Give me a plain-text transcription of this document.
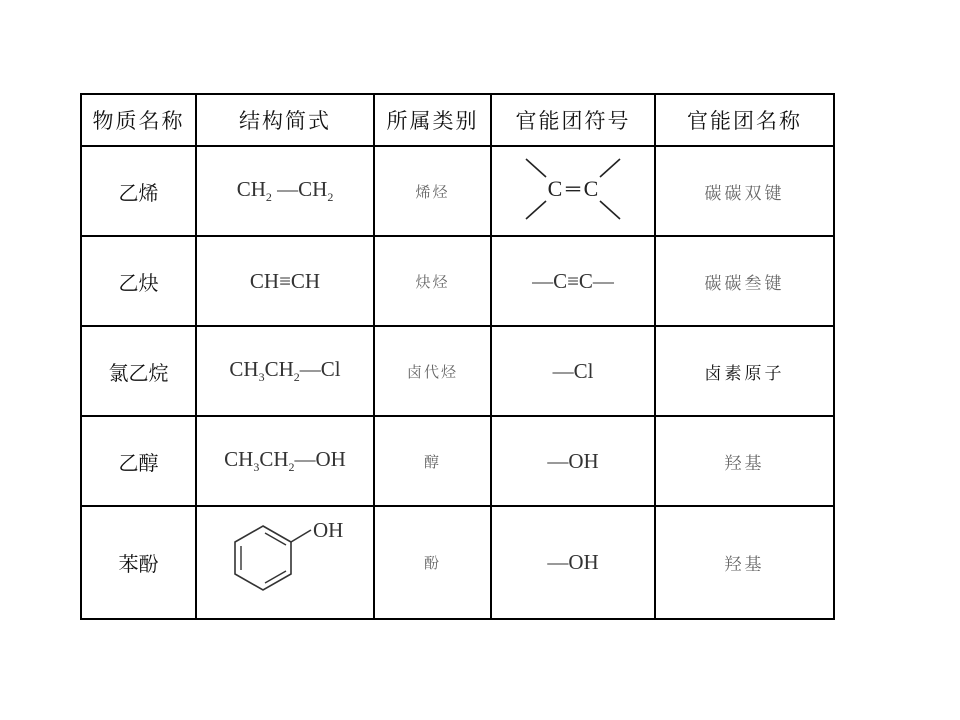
物质名称	结构简式	所属类别	官能团符号	官能团名称
乙烯	$CH_2$ $—CH_2$	烯烃	C ═ C	碳碳双键
乙炔	CH≡CH	炔烃	—C≡C—	碳碳叁键
氯乙烷	$CH_3CH_2—Cl$	卤代烃	—Cl	卤素原子
乙醇	$CH_3CH_2—OH$	醇	—OH	羟基
苯酚	OH	酚	—OH	羟基
